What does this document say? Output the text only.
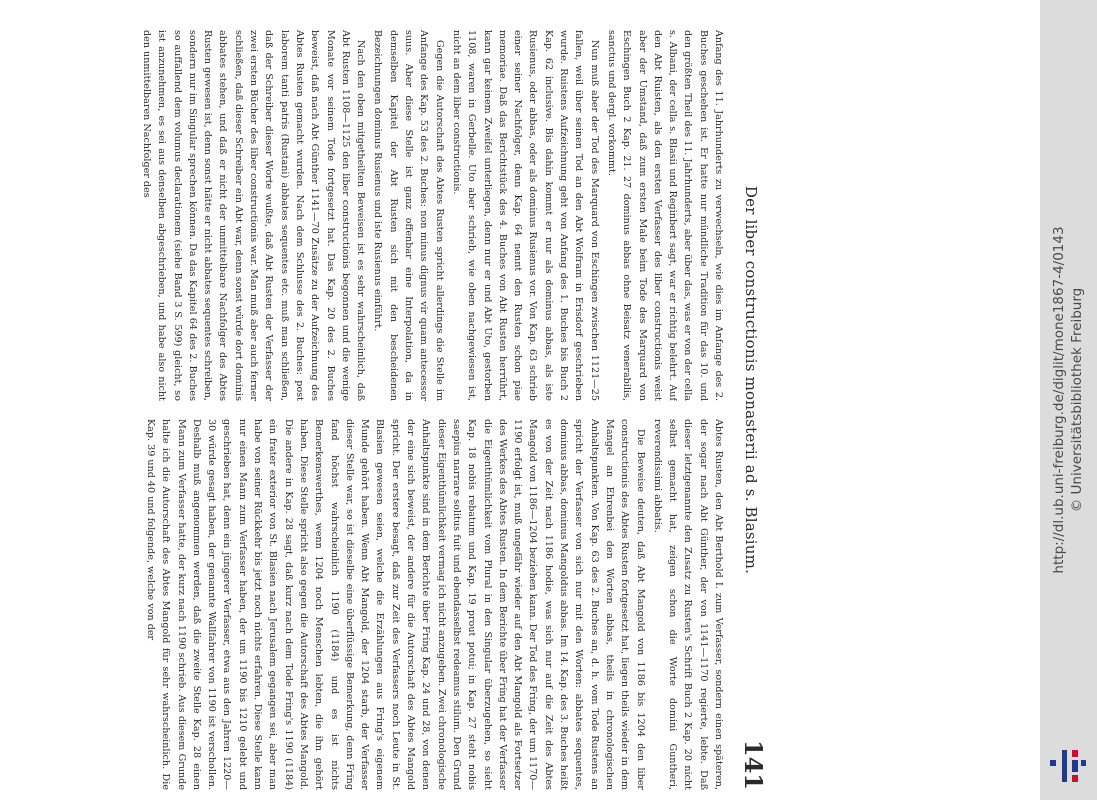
Der liber constructionis monasterii ad s. Blasium.
141

Anfang des 11. Jahrhunderts zu verwechseln, wie dies im Anfange des 2. Buches geschehen ist. Er hatte nur mündliche Tradition für das 10. und den größten Theil des 11. Jahrhunderts, aber über das, was er von der cella s. Albani, der cella s. Blasii und Reginbert sagt, war er richtig belehrt. Auf den Abt Ruisten, als den ersten Verfasser des liber constructionis weist aber der Umstand, daß zum ersten Male beim Tode des Marquard von Eschingen Buch 2 Kap. 21. 27 dominus abbas ohne Beisatz venerabilis, sanctus und dergl. vorkommt.

Nun muß aber der Tod des Marquard von Eschingen zwischen 1121—25 fallen, weil über seinen Tod an den Abt Wolfram in Erisdorf geschrieben wurde. Ruistens Aufzeichnung geht von Anfang des 1. Buches bis Buch 2 Kap. 62 inclusive. Bis dahin kommt er nur als dominus abbas, als iste Rusienus, oder abbas, oder als dominus Rusienus vor. Von Kap. 63 schrieb einer seiner Nachfolger, denn Kap. 64 nennt den Rusten schon piae memoriae. Daß das Berichtstück des 4. Buches von Abt Rusten herrührt, kann gar keinem Zweifel unterliegen, denn nur er und Abt Uto, gestorben 1108, waren in Gerbelle. Uto aber schrieb, wie oben nachgewiesen ist, nicht an dem liber constructionis.

Gegen die Autorschaft des Abtes Rusten spricht allerdings die Stelle im Anfange des Kap. 53 des 2. Buches: non minus dignus vir quam antecessor suus. Aber diese Stelle ist ganz offenbar eine Interpolation, da in demselben Kapitel der Abt Rusten sich mit den bescheidenen Bezeichnungen dominus Rusienus und iste Rusienus einführt.

Nach den oben mitgetheilten Beweisen ist es sehr wahrscheinlich, daß Abt Rusten 1108—1125 den liber constructionis begonnen und die wenige Monate vor seinem Tode fortgesetzt hat. Das Kap. 20 des 2. Buches beweist, daß nach Abt Günther 1141—70 Zusätze zu der Aufzeichnung des Abtes Rusten gemacht wurden. Nach dem Schlusse des 2. Buches: post laborem tanti patris (Rustani) abbates sequentes etc. muß man schließen, daß der Schreiber dieser Worte wußte, daß Abt Rusten der Verfasser der zwei ersten Bücher des liber constructionis war. Man muß aber auch ferner schließen, daß dieser Schreiber ein Abt war, denn sonst würde dort dominis abbates stehen, und daß er nicht der unmittelbare Nachfolger des Abtes Rusten gewesen ist, denn sonst hätte er nicht abbates sequentes schreiben, sondern nur im Singular sprechen können. Da das Kapitel 64 des 2. Buches so auffallend dem volumus declarationem (siehe Band 3 S. 599) gleicht, so ist anzunehmen, es sei aus denselben abgeschrieben, und habe also nicht den unmittelbaren Nachfolger des

Abtes Rusten, den Abt Berthold I. zum Verfasser, sondern einen späteren, der sogar nach Abt Günther, der von 1141—1170 regierte, lebte. Daß dieser letztgenannte den Zusatz zu Rusten's Schrift Buch 2 Kap. 20 nicht selbst gemacht hat, zeigen schon die Worte domini Guntheri, reverendissimi abbatis.

Die Beweise deuten, daß Abt Mangold von 1186 bis 1204 den liber constructionis des Abtes Rusten fortgesetzt hat, liegen theils wieder in dem Mangel an Ehrenbei den Worten abbas, theils in chronologischen Anhaltspunkten. Von Kap. 63 des 2. Buches an, d. h. vom Tode Rustens an spricht der Verfasser von sich nur mit den Worten: abbates sequentes, dominus abbas, dominus Mangoldus abbas. Im 14. Kap. des 3. Buches heißt es von der Zeit nach 1186 hodie, was sich nur auf die Zeit des Abtes Mangold von 1186—1204 beziehen kann. Der Tod des Fring, der um 1170—1190 erfolgt ist, muß ungefähr wieder auf den Abt Mangold als Fortsetzer des Werkes des Abtes Rusten. In dem Berichte über Fring hat der Verfasser die Eigenthümlichkeit vom Plural in den Singular überzugehen, so sieht Kap. 18 nobis rebatum und Kap. 19 prout potui; in Kap. 27 steht nobis saepius narrare solitus fuit und ebendasselbst redeamus stilum. Den Grund dieser Eigenthümlichkeit vermag ich nicht anzugeben. Zwei chronologische Anhaltspunkte sind in dem Berichte über Fring Kap. 24 und 28, von denen der eine sich beweist, der andere für die Autorschaft des Abtes Mangold spricht. Der erstere besagt, daß zur Zeit des Verfassers noch Leute in St. Blasien gewesen seien, welche die Erzählungen aus Fring's eigenem Munde gehört haben. Wenn Abt Mangold, der 1204 starb, der Verfasser dieser Stelle war, so ist dieselbe eine überflüssige Bemerkung, denn Fring fand höchst wahrscheinlich 1190 (1184) und es ist nichts Bemerkenswerthes, wenn 1204 noch Menschen lebten, die ihn gehört haben. Diese Stelle spricht also gegen die Autorschaft des Abtes Mangold. Die andere in Kap. 28 sagt, daß kurz nach dem Tode Fring's 1190 (1184) ein frater exterior von St. Blasien nach Jerusalem gegangen sei, aber man habe von seiner Rückkehr bis jetzt noch nichts erfahren. Diese Stelle kann nur einen Mann zum Verfasser haben, der um 1190 bis 1210 gelebt und geschrieben hat, denn ein jüngerer Verfasser, etwa aus den Jahren 1220—30 würde gesagt haben, der genannte Wallfahrer von 1190 ist verschollen. Deshalb muß angenommen werden, daß die zweite Stelle Kap. 28 einen Mann zum Verfasser hatte, der kurz nach 1190 schrieb. Aus diesem Grunde halte ich die Autorschaft des Abtes Mangold für sehr wahrscheinlich. Die Kap. 39 und 40 und folgende, welche von der	http://dl.ub.uni-freiburg.de/diglit/mone1867-4/0143 © Universitätsbibliothek Freiburg
